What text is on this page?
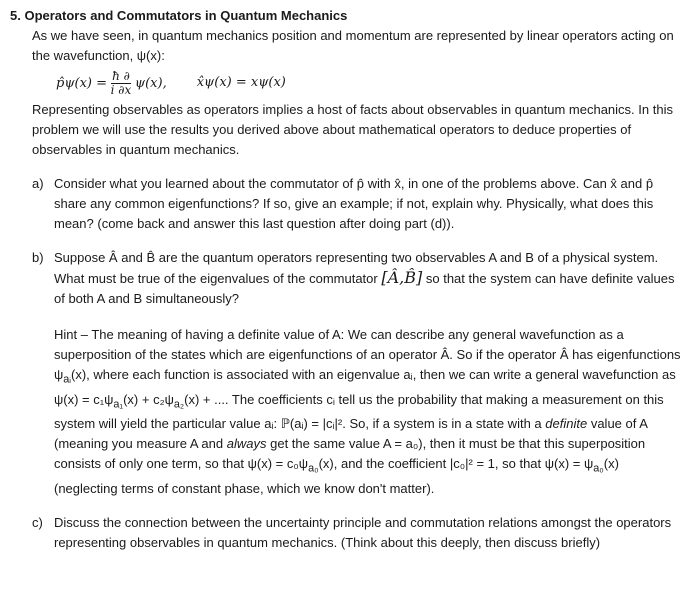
5. Operators and Commutators in Quantum Mechanics

As we have seen, in quantum mechanics position and momentum are represented by linear operators acting on the wavefunction, ψ(x):

p̂ψ(x) = $\frac{ħ \partial}{i \partial x} \psi(x)$, x̂ψ(x) = xψ(x)

Representing observables as operators implies a host of facts about observables in quantum mechanics. In this problem we will use the results you derived above about mathematical operators to deduce properties of observables in quantum mechanics.

a) Consider what you learned about the commutator of p̂ with x̂, in one of the problems above. Can x̂ and p̂ share any common eigenfunctions? If so, give an example; if not, explain why. Physically, what does this mean? (come back and answer this last question after doing part (d)).

b) Suppose Â and B̂ are the quantum operators representing two observables A and B of a physical system. What must be true of the eigenvalues of the commutator [Â,B̂] so that the system can have definite values of both A and B simultaneously?

Hint – The meaning of having a definite value of A: We can describe any general wavefunction as a superposition of the states which are eigenfunctions of an operator Â. So if the operator Â has eigenfunctions $\psi_{aᵢ}(x)$, where each function is associated with an eigenvalue aᵢ, then we can write a general wavefunction as $\psi(x) = c_1\psi_{a_1}(x) + c_2\psi_{a_2}(x)$ + .... The coefficients cᵢ tell us the probability that making a measurement on this system will yield the particular value aᵢ: ℙ(aᵢ) = |cᵢ|². So, if a system is in a state with a definite value of A (meaning you measure A and always get the same value A = a₀), then it must be that this superposition consists of only one term, so that $\psi(x) = c_0\psi_{a_0}(x)$, and the coefficient |c₀|² = 1, so that $\psi(x) = \psi_{a_0}(x)$ (neglecting terms of constant phase, which we know don't matter).

c) Discuss the connection between the uncertainty principle and commutation relations amongst the operators representing observables in quantum mechanics. (Think about this deeply, then discuss briefly)
